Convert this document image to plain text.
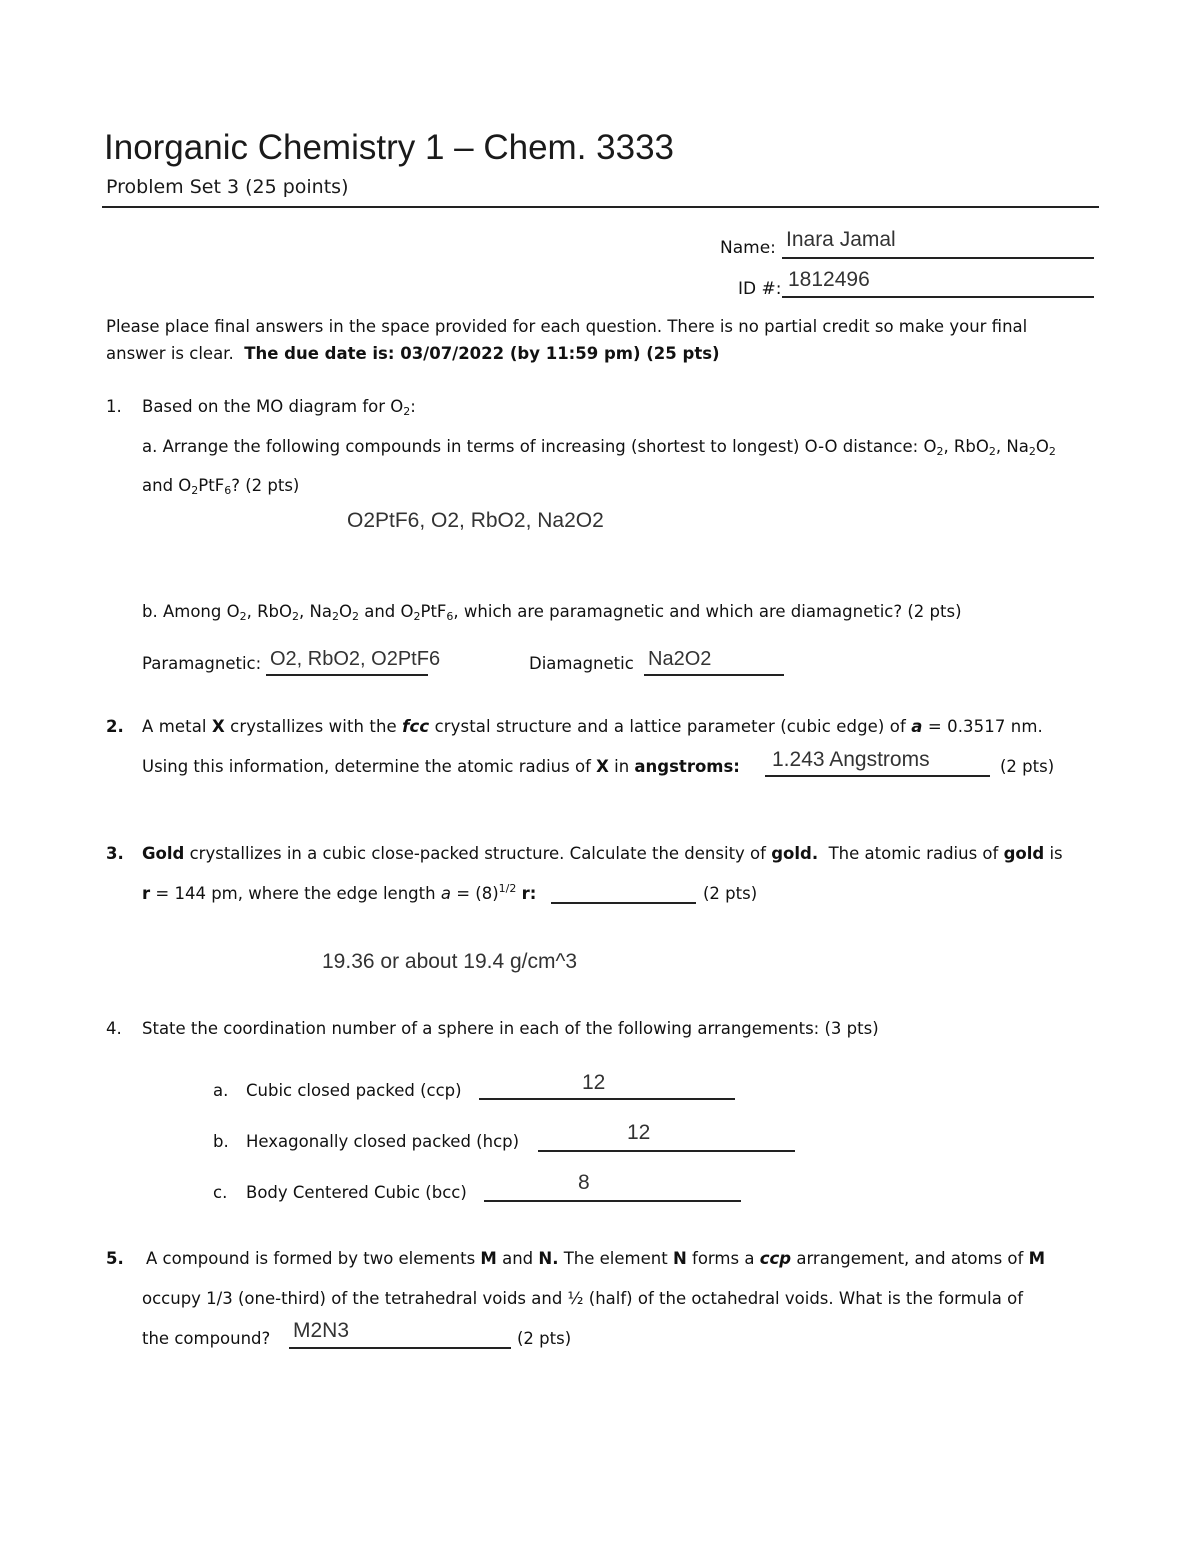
Inorganic Chemistry 1 – Chem. 3333
Problem Set 3 (25 points)
Name: Inara Jamal
ID #: 1812496
Please place final answers in the space provided for each question. There is no partial credit so make your final
answer is clear. The due date is: 03/07/2022 (by 11:59 pm) (25 pts)
1. Based on the MO diagram for $O_2$:
a. Arrange the following compounds in terms of increasing (shortest to longest) O-O distance: $O_2$, RbO$_2$, $Na_2O_2$
and $O_2PtF_6$? (2 pts)
O2PtF6, O2, RbO2, Na2O2
b. Among $O_2$, RbO$_2$, $Na_2O_2$ and $O_2PtF_6$, which are paramagnetic and which are diamagnetic? (2 pts)
Paramagnetic: O2, RbO2, O2PtF6	Diamagnetic Na2O2
2. A metal X crystallizes with the fcc crystal structure and a lattice parameter (cubic edge) of a = 0.3517 nm.
Using this information, determine the atomic radius of X in angstroms: 1.243 Angstroms	(2 pts)
3. Gold crystallizes in a cubic close-packed structure. Calculate the density of gold. The atomic radius of gold is
r = 144 pm, where the edge length $a = (8)^{1/2}$ r:	(2 pts)
19.36 or about 19.4 g/cm^3
4. State the coordination number of a sphere in each of the following arrangements: (3 pts)
a. Cubic closed packed (ccp)	12
b. Hexagonally closed packed (hcp)	12
c. Body Centered Cubic (bcc)	8
5. A compound is formed by two elements M and N. The element N forms a ccp arrangement, and atoms of M
occupy 1/3 (one-third) of the tetrahedral voids and ½ (half) of the octahedral voids. What is the formula of
the compound? M2N3	(2 pts)
